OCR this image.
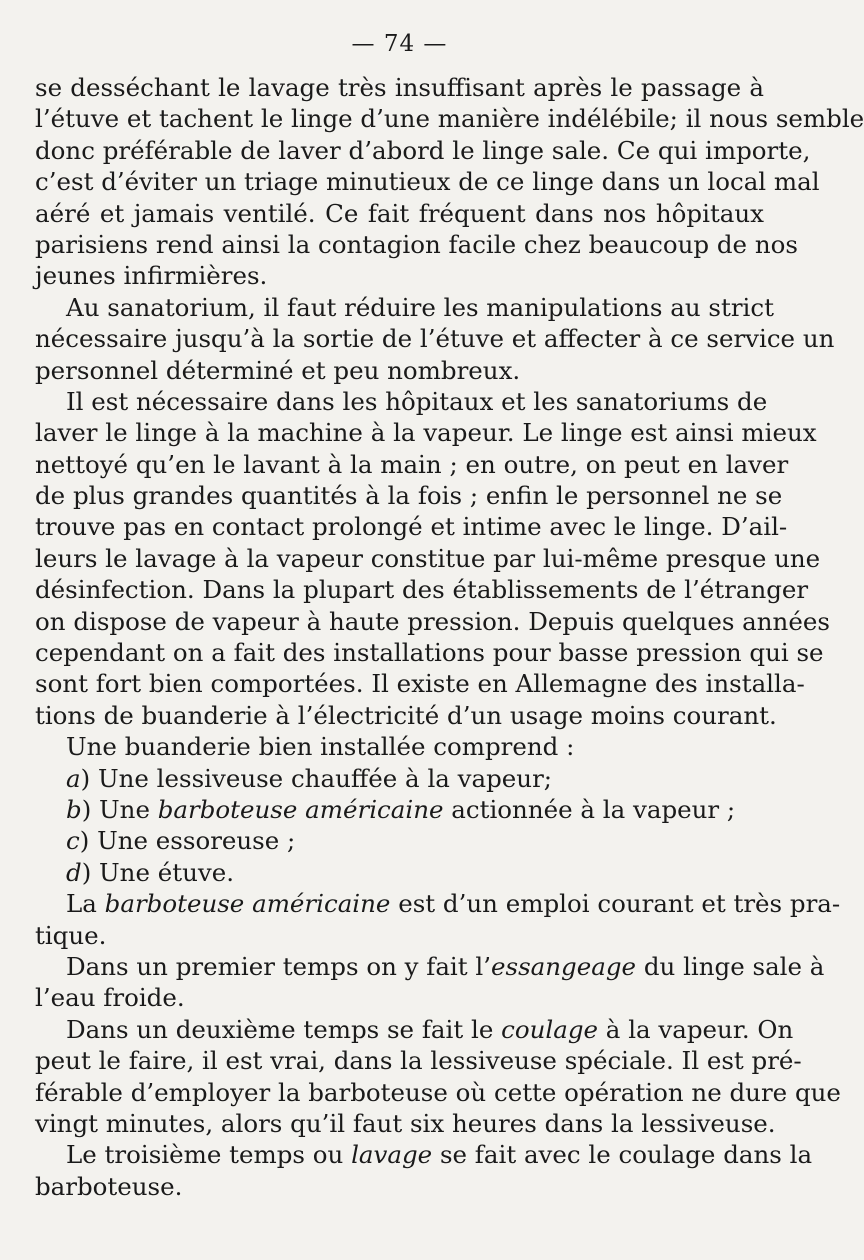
— 74 —
se desséchant le lavage très insuffisant après le passage à
l’étuve et tachent le linge d’une manière indélébile; il nous semble
donc préférable de laver d’abord le linge sale. Ce qui importe,
c’est d’éviter un triage minutieux de ce linge dans un local mal
aéré et jamais ventilé. Ce fait fréquent dans nos hôpitaux
parisiens rend ainsi la contagion facile chez beaucoup de nos
jeunes infirmières.
Au sanatorium, il faut réduire les manipulations au strict
nécessaire jusqu’à la sortie de l’étuve et affecter à ce service un
personnel déterminé et peu nombreux.
Il est nécessaire dans les hôpitaux et les sanatoriums de
laver le linge à la machine à la vapeur. Le linge est ainsi mieux
nettoyé qu’en le lavant à la main ; en outre, on peut en laver
de plus grandes quantités à la fois ; enfin le personnel ne se
trouve pas en contact prolongé et intime avec le linge. D’ail-
leurs le lavage à la vapeur constitue par lui-même presque une
désinfection. Dans la plupart des établissements de l’étranger
on dispose de vapeur à haute pression. Depuis quelques années
cependant on a fait des installations pour basse pression qui se
sont fort bien comportées. Il existe en Allemagne des installa-
tions de buanderie à l’électricité d’un usage moins courant.
Une buanderie bien installée comprend :
a) Une lessiveuse chauffée à la vapeur;
b) Une barboteuse américaine actionnée à la vapeur ;
c) Une essoreuse ;
d) Une étuve.
La barboteuse américaine est d’un emploi courant et très pra-
tique.
Dans un premier temps on y fait l’essangeage du linge sale à
l’eau froide.
Dans un deuxième temps se fait le coulage à la vapeur. On
peut le faire, il est vrai, dans la lessiveuse spéciale. Il est pré-
férable d’employer la barboteuse où cette opération ne dure que
vingt minutes, alors qu’il faut six heures dans la lessiveuse.
Le troisième temps ou lavage se fait avec le coulage dans la
barboteuse.
